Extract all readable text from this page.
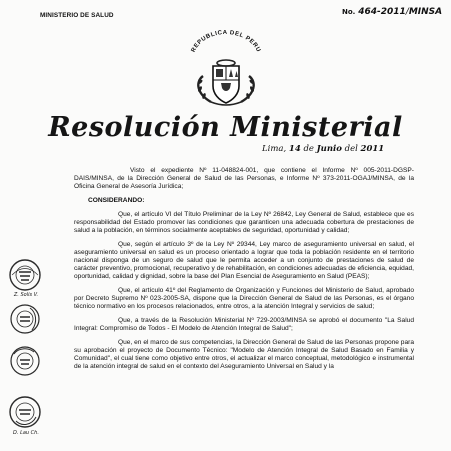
MINISTERIO DE SALUD	No. 464-2011/MINSA
REPUBLICA DEL PERU
Resolución Ministerial
Lima, 14 de Junio del 2011

Visto el expediente Nº 11-048824-001, que contiene el Informe Nº 005-2011-DGSP-DAIS/MINSA, de la Dirección General de Salud de las Personas, e Informe Nº 373-2011-OGAJ/MINSA, de la Oficina General de Asesoría Jurídica;

CONSIDERANDO:

Que, el artículo VI del Título Preliminar de la Ley Nº 26842, Ley General de Salud, establece que es responsabilidad del Estado promover las condiciones que garanticen una adecuada cobertura de prestaciones de salud a la población, en términos socialmente aceptables de seguridad, oportunidad y calidad;

Que, según el artículo 3º de la Ley Nº 29344, Ley marco de aseguramiento universal en salud, el aseguramiento universal en salud es un proceso orientado a lograr que toda la población residente en el territorio nacional disponga de un seguro de salud que le permita acceder a un conjunto de prestaciones de salud de carácter preventivo, promocional, recuperativo y de rehabilitación, en condiciones adecuadas de eficiencia, equidad, oportunidad, calidad y dignidad, sobre la base del Plan Esencial de Aseguramiento en Salud (PEAS);

Que, el artículo 41º del Reglamento de Organización y Funciones del Ministerio de Salud, aprobado por Decreto Supremo Nº 023-2005-SA, dispone que la Dirección General de Salud de las Personas, es el órgano técnico normativo en los procesos relacionados, entre otros, a la atención Integral y servicios de salud;

Que, a través de la Resolución Ministerial Nº 729-2003/MINSA se aprobó el documento "La Salud Integral: Compromiso de Todos - El Modelo de Atención Integral de Salud";

Que, en el marco de sus competencias, la Dirección General de Salud de las Personas propone para su aprobación el proyecto de Documento Técnico: "Modelo de Atención Integral de Salud Basado en Familia y Comunidad", el cual tiene como objetivo entre otros, el actualizar el marco conceptual, metodológico e instrumental de la atención integral de salud en el contexto del Aseguramiento Universal en Salud y la

Z. Solis V.
D. Lau Ch.
